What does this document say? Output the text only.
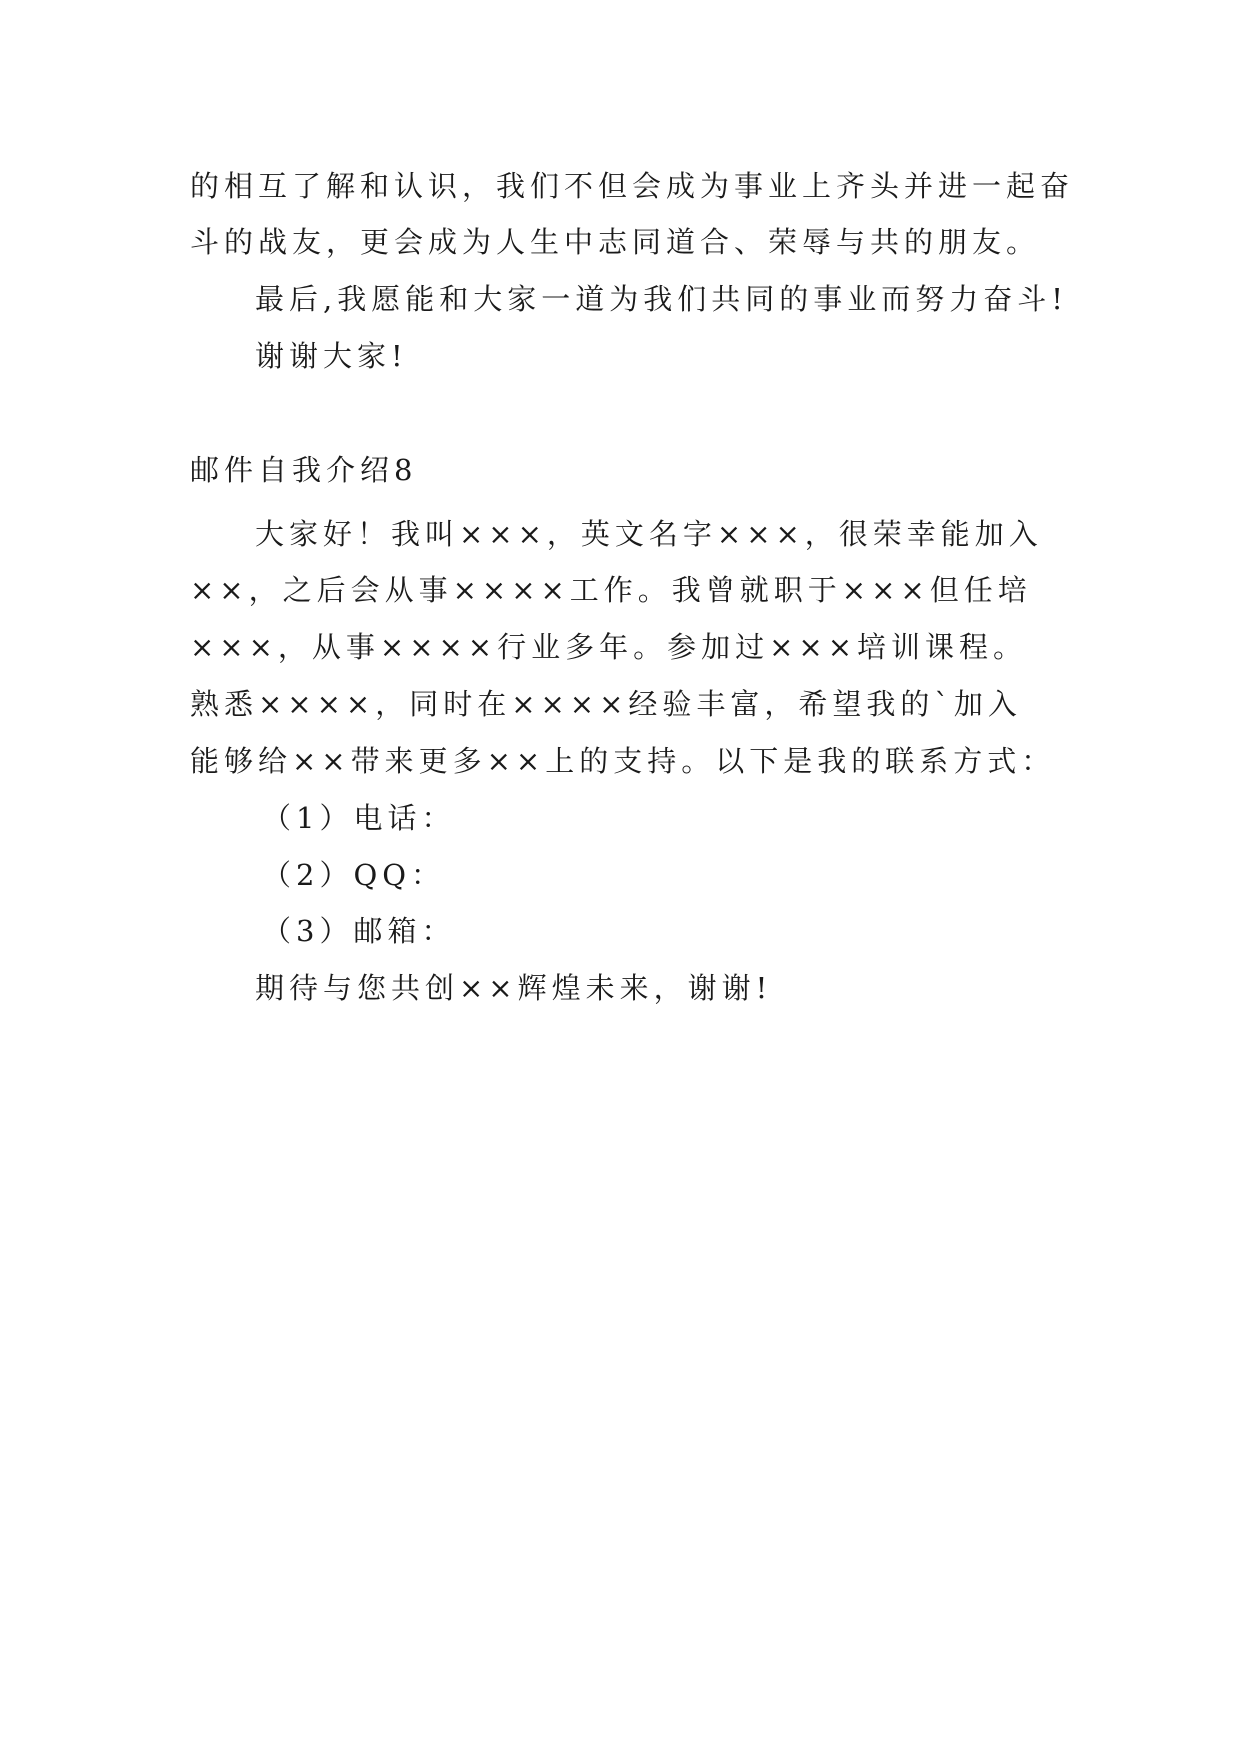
的相互了解和认识，我们不但会成为事业上齐头并进一起奋
斗的战友，更会成为人生中志同道合、荣辱与共的朋友。
最后,我愿能和大家一道为我们共同的事业而努力奋斗!
谢谢大家!
邮件自我介绍8
大家好！我叫×××，英文名字×××，很荣幸能加入
××，之后会从事××××工作。我曾就职于×××但任培
×××，从事××××行业多年。参加过×××培训课程。
熟悉××××，同时在××××经验丰富，希望我的`加入
能够给××带来更多××上的支持。以下是我的联系方式：
（1）电话：
（2）QQ：
（3）邮箱：
期待与您共创××辉煌未来，谢谢!
